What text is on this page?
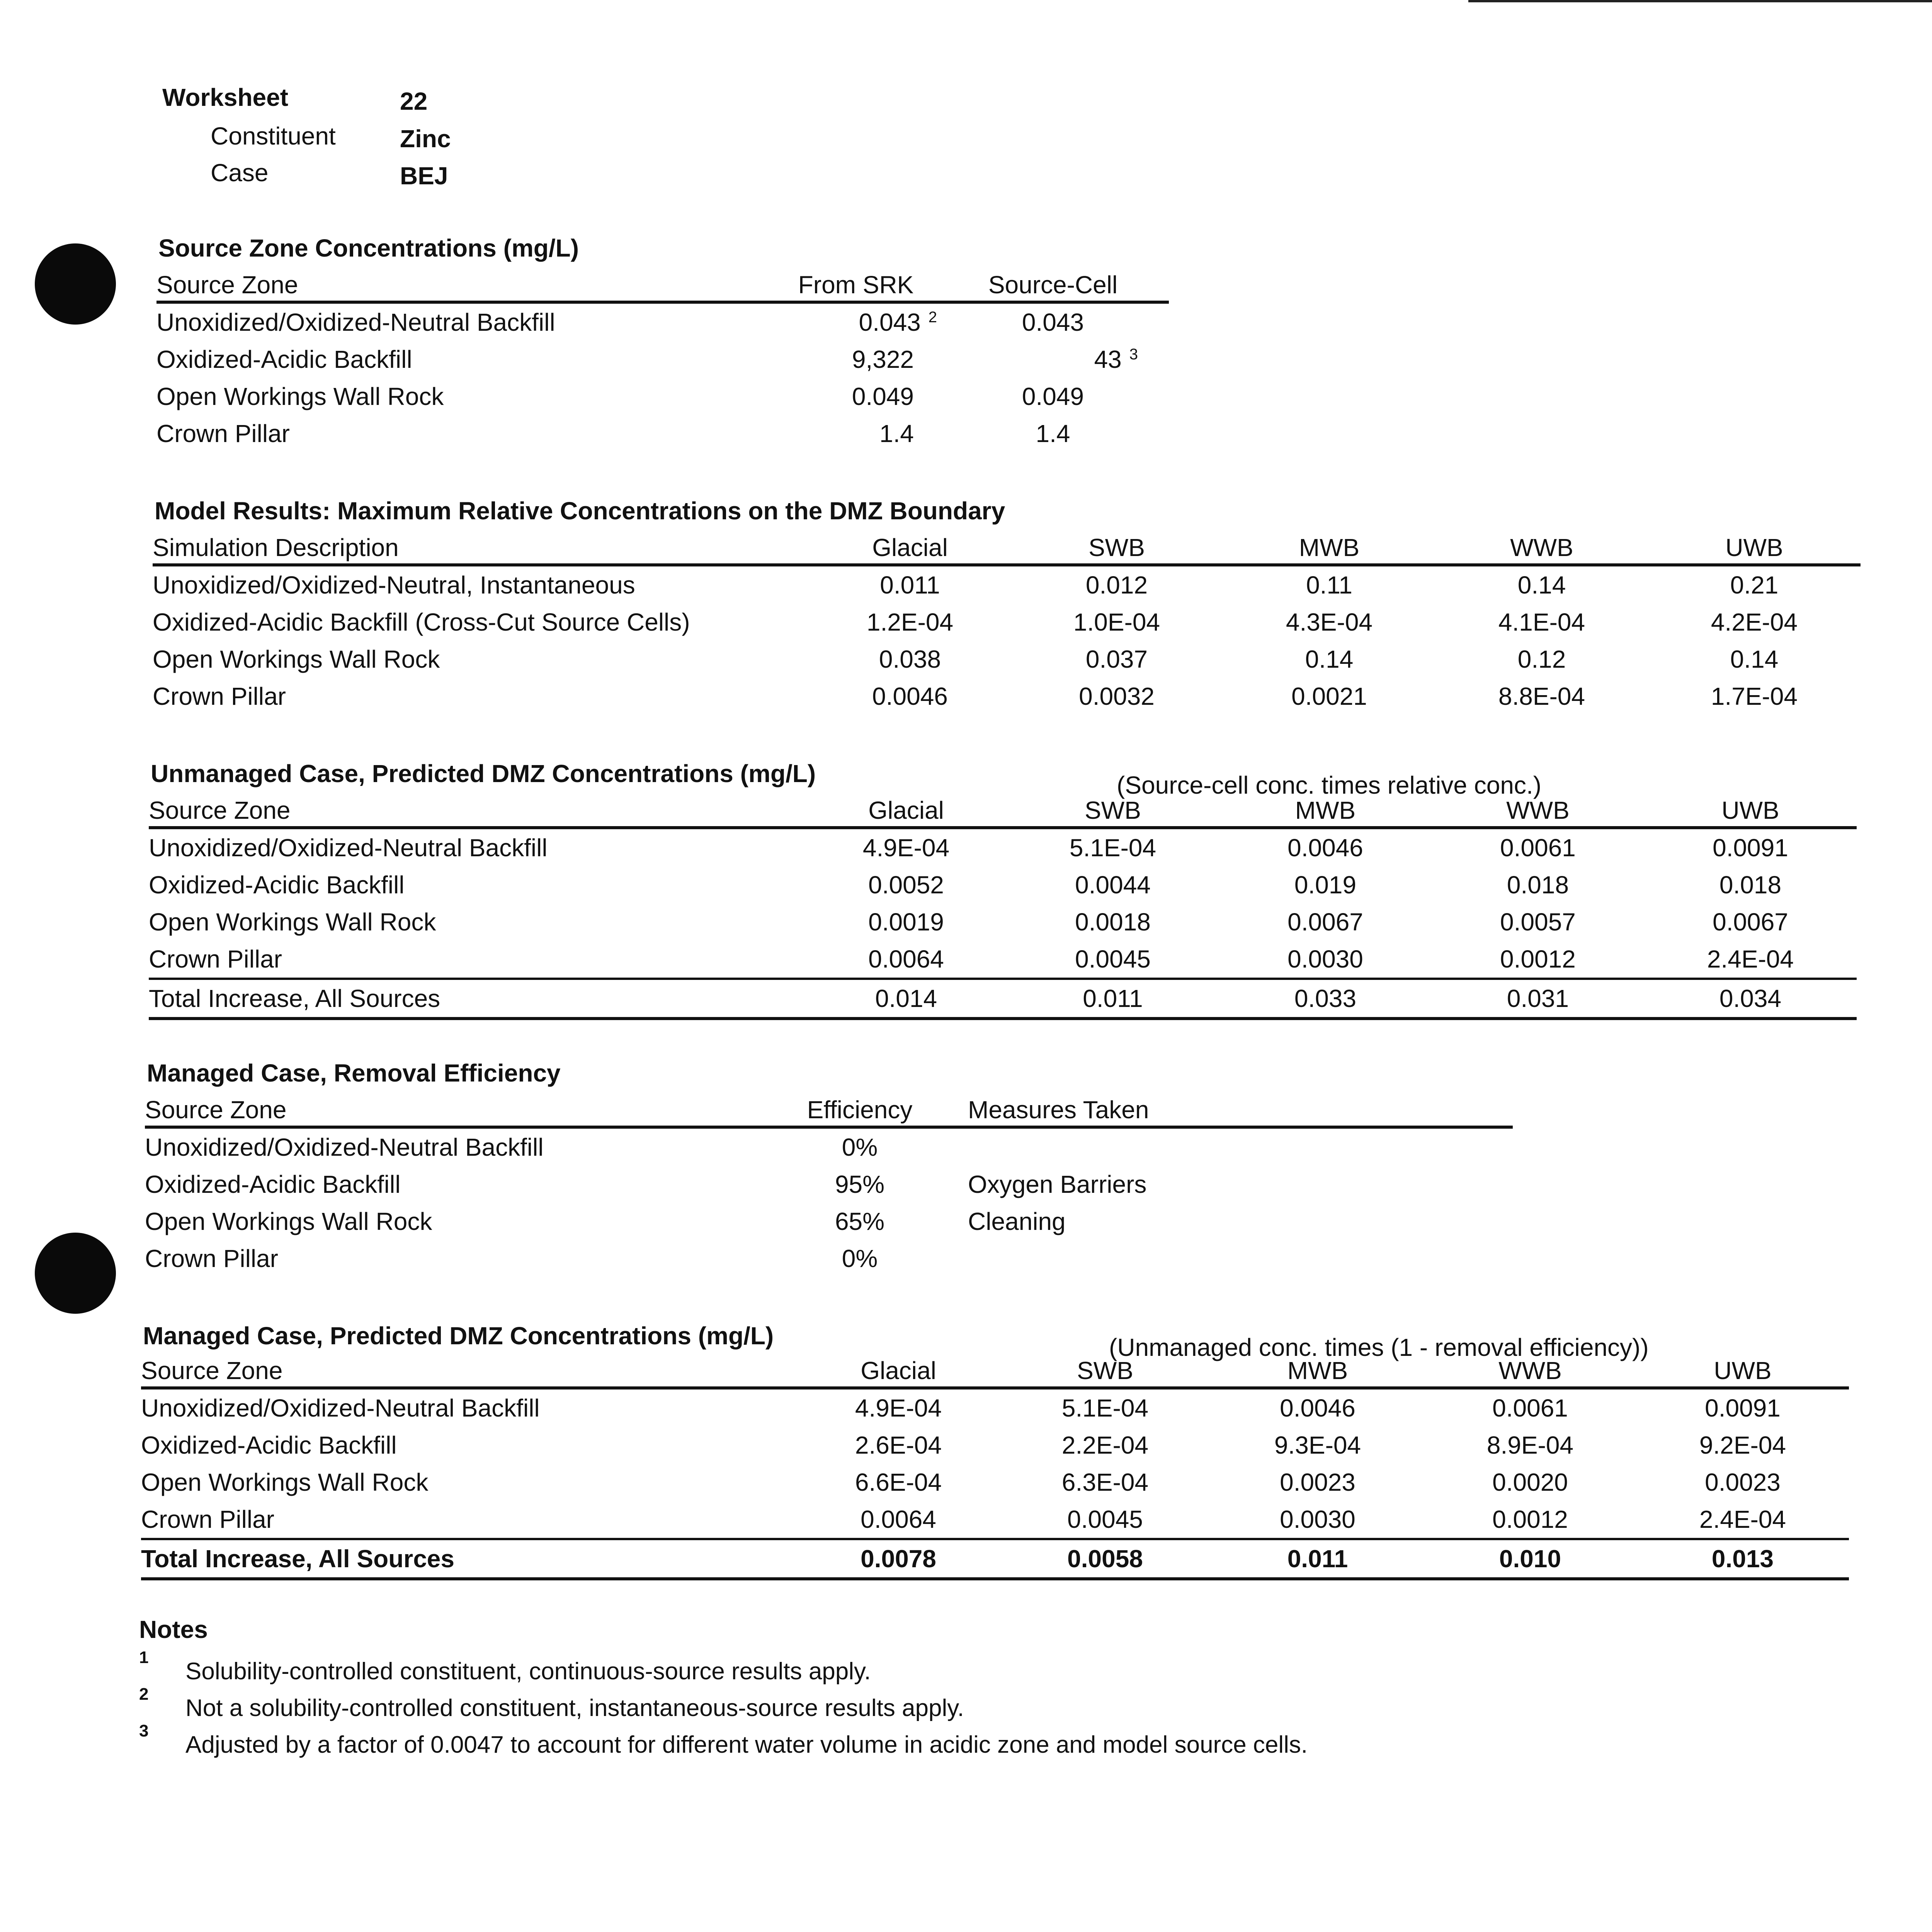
Worksheet	22
Constituent	Zinc
Case	BEJ
Source Zone Concentrations (mg/L)
Source Zone	From SRK	Source-Cell
Unoxidized/Oxidized-Neutral Backfill	0.043 $^2$	0.043
Oxidized-Acidic Backfill	9,322	43 $^3$
Open Workings Wall Rock	0.049	0.049
Crown Pillar	1.4	1.4
Model Results: Maximum Relative Concentrations on the DMZ Boundary
Simulation Description	Glacial	SWB	MWB	WWB	UWB
Unoxidized/Oxidized-Neutral, Instantaneous	0.011	0.012	0.11	0.14	0.21
Oxidized-Acidic Backfill (Cross-Cut Source Cells)	1.2E-04	1.0E-04	4.3E-04	4.1E-04	4.2E-04
Open Workings Wall Rock	0.038	0.037	0.14	0.12	0.14
Crown Pillar	0.0046	0.0032	0.0021	8.8E-04	1.7E-04
Unmanaged Case, Predicted DMZ Concentrations (mg/L)	(Source-cell conc. times relative conc.)
Source Zone	Glacial	SWB	MWB	WWB	UWB
Unoxidized/Oxidized-Neutral Backfill	4.9E-04	5.1E-04	0.0046	0.0061	0.0091
Oxidized-Acidic Backfill	0.0052	0.0044	0.019	0.018	0.018
Open Workings Wall Rock	0.0019	0.0018	0.0067	0.0057	0.0067
Crown Pillar	0.0064	0.0045	0.0030	0.0012	2.4E-04
Total Increase, All Sources	0.014	0.011	0.033	0.031	0.034
Managed Case, Removal Efficiency
Source Zone	Efficiency	Measures Taken
Unoxidized/Oxidized-Neutral Backfill	0%	
Oxidized-Acidic Backfill	95%	Oxygen Barriers
Open Workings Wall Rock	65%	Cleaning
Crown Pillar	0%	
Managed Case, Predicted DMZ Concentrations (mg/L)	(Unmanaged conc. times (1 - removal efficiency))
Source Zone	Glacial	SWB	MWB	WWB	UWB
Unoxidized/Oxidized-Neutral Backfill	4.9E-04	5.1E-04	0.0046	0.0061	0.0091
Oxidized-Acidic Backfill	2.6E-04	2.2E-04	9.3E-04	8.9E-04	9.2E-04
Open Workings Wall Rock	6.6E-04	6.3E-04	0.0023	0.0020	0.0023
Crown Pillar	0.0064	0.0045	0.0030	0.0012	2.4E-04
Total Increase, All Sources	0.0078	0.0058	0.011	0.010	0.013
Notes
1
Solubility-controlled constituent, continuous-source results apply.
2
Not a solubility-controlled constituent, instantaneous-source results apply.
3
Adjusted by a factor of 0.0047 to account for different water volume in acidic zone and model source cells.
